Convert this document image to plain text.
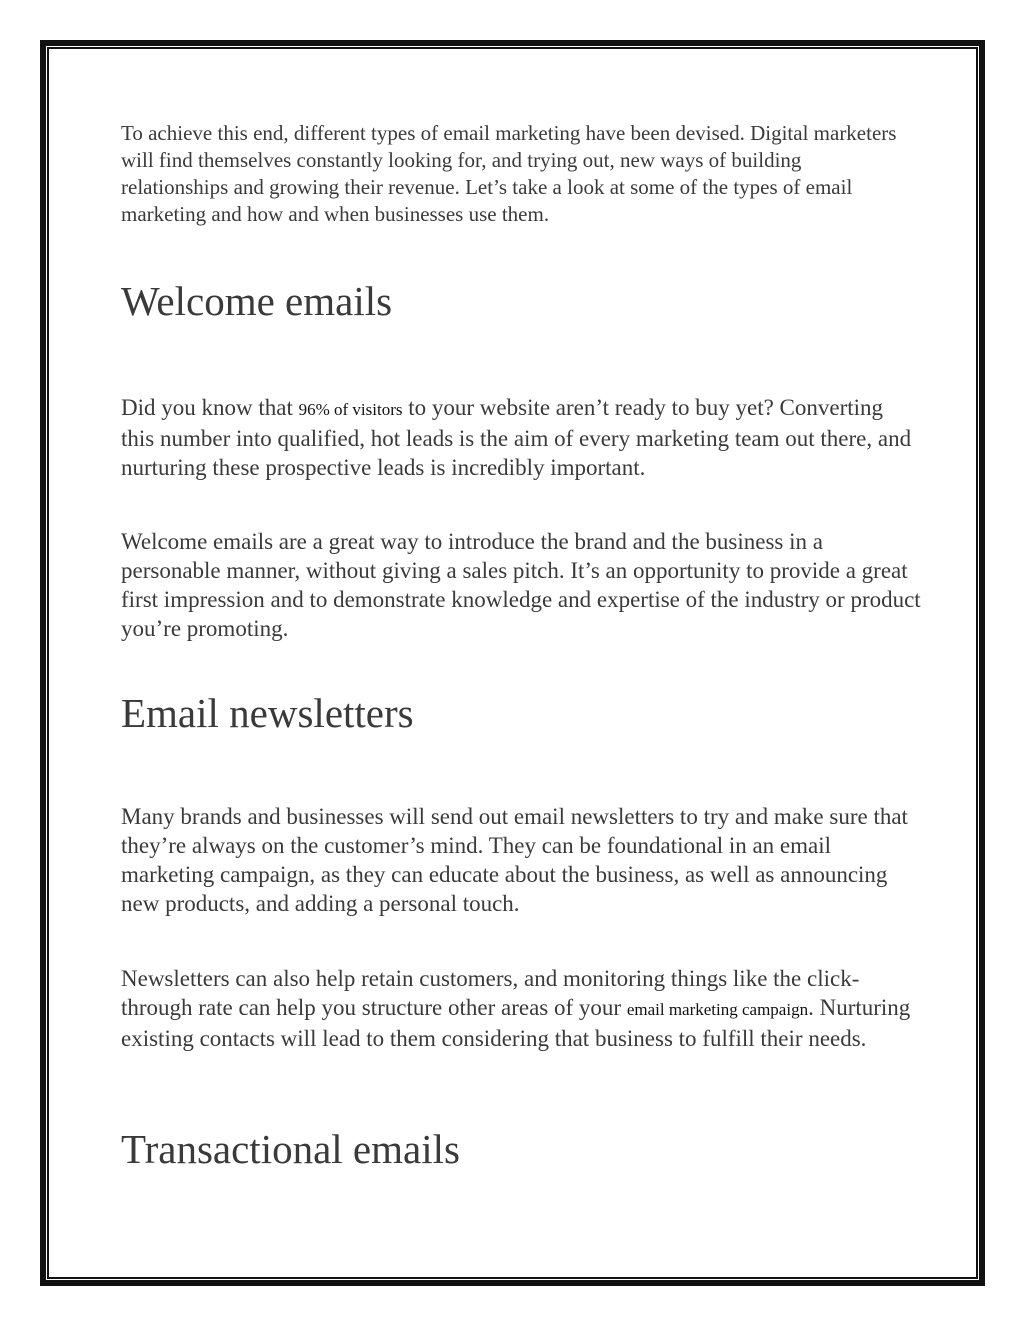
To achieve this end, different types of email marketing have been devised. Digital marketers will find themselves constantly looking for, and trying out, new ways of building relationships and growing their revenue. Let’s take a look at some of the types of email marketing and how and when businesses use them.

Welcome emails

Did you know that 96% of visitors to your website aren’t ready to buy yet? Converting this number into qualified, hot leads is the aim of every marketing team out there, and nurturing these prospective leads is incredibly important.

Welcome emails are a great way to introduce the brand and the business in a personable manner, without giving a sales pitch. It’s an opportunity to provide a great first impression and to demonstrate knowledge and expertise of the industry or product you’re promoting.

Email newsletters

Many brands and businesses will send out email newsletters to try and make sure that they’re always on the customer’s mind. They can be foundational in an email marketing campaign, as they can educate about the business, as well as announcing new products, and adding a personal touch.

Newsletters can also help retain customers, and monitoring things like the click-through rate can help you structure other areas of your email marketing campaign. Nurturing existing contacts will lead to them considering that business to fulfill their needs.

Transactional emails
